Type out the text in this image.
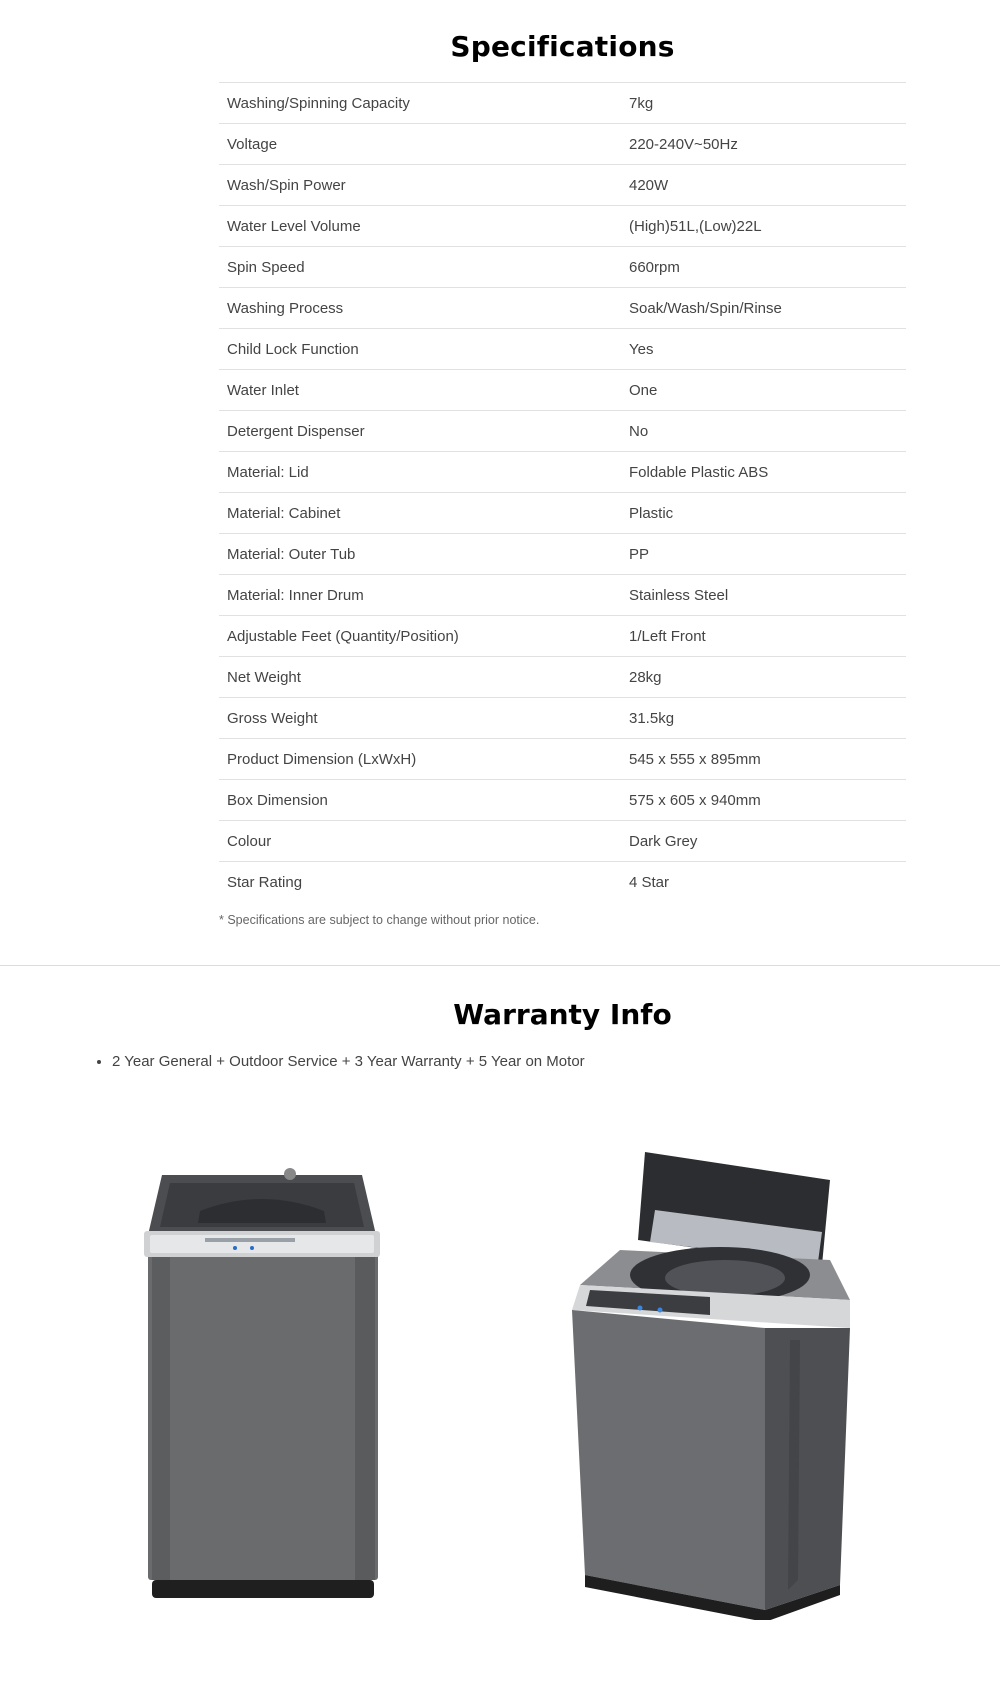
Specifications
Washing/Spinning Capacity	7kg
Voltage	220-240V~50Hz
Wash/Spin Power	420W
Water Level Volume	(High)51L,(Low)22L
Spin Speed	660rpm
Washing Process	Soak/Wash/Spin/Rinse
Child Lock Function	Yes
Water Inlet	One
Detergent Dispenser	No
Material: Lid	Foldable Plastic ABS
Material: Cabinet	Plastic
Material: Outer Tub	PP
Material: Inner Drum	Stainless Steel
Adjustable Feet (Quantity/Position)	1/Left Front
Net Weight	28kg
Gross Weight	31.5kg
Product Dimension (LxWxH)	545 x 555 x 895mm
Box Dimension	575 x 605 x 940mm
Colour	Dark Grey
Star Rating	4 Star
* Specifications are subject to change without prior notice.
Warranty Info
• 2 Year General + Outdoor Service + 3 Year Warranty + 5 Year on Motor
